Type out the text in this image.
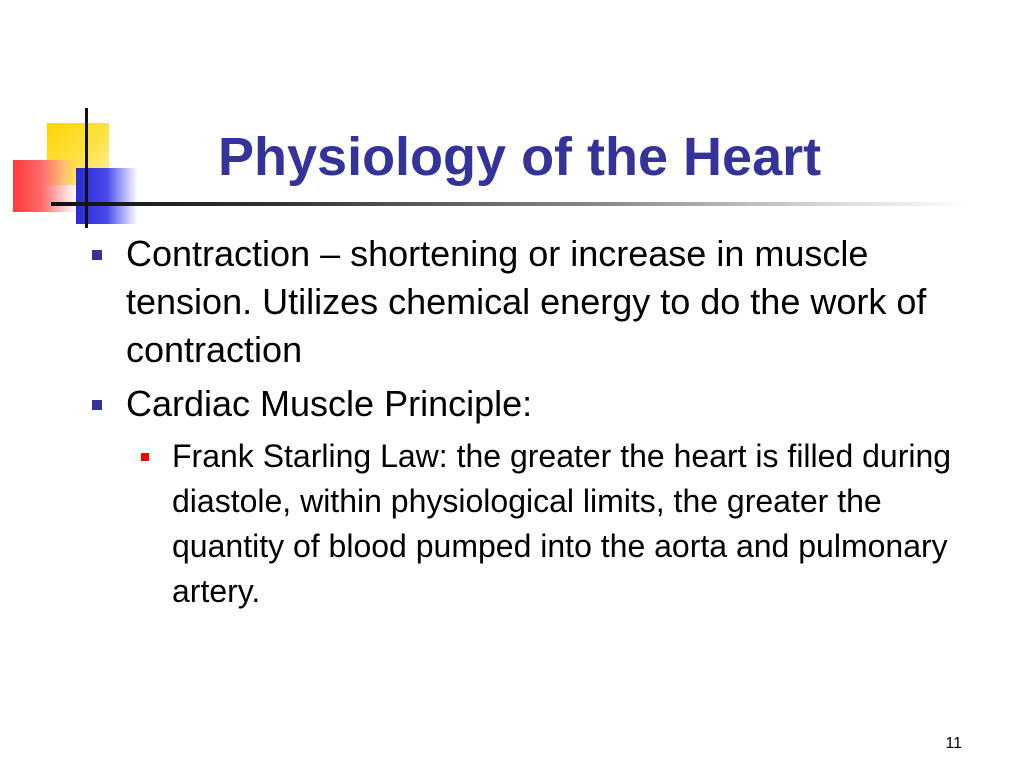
Physiology of the Heart
Contraction – shortening or increase in muscle tension. Utilizes chemical energy to do the work of contraction
Cardiac Muscle Principle:
Frank Starling Law: the greater the heart is filled during diastole, within physiological limits, the greater the quantity of blood pumped into the aorta and pulmonary artery.
11
